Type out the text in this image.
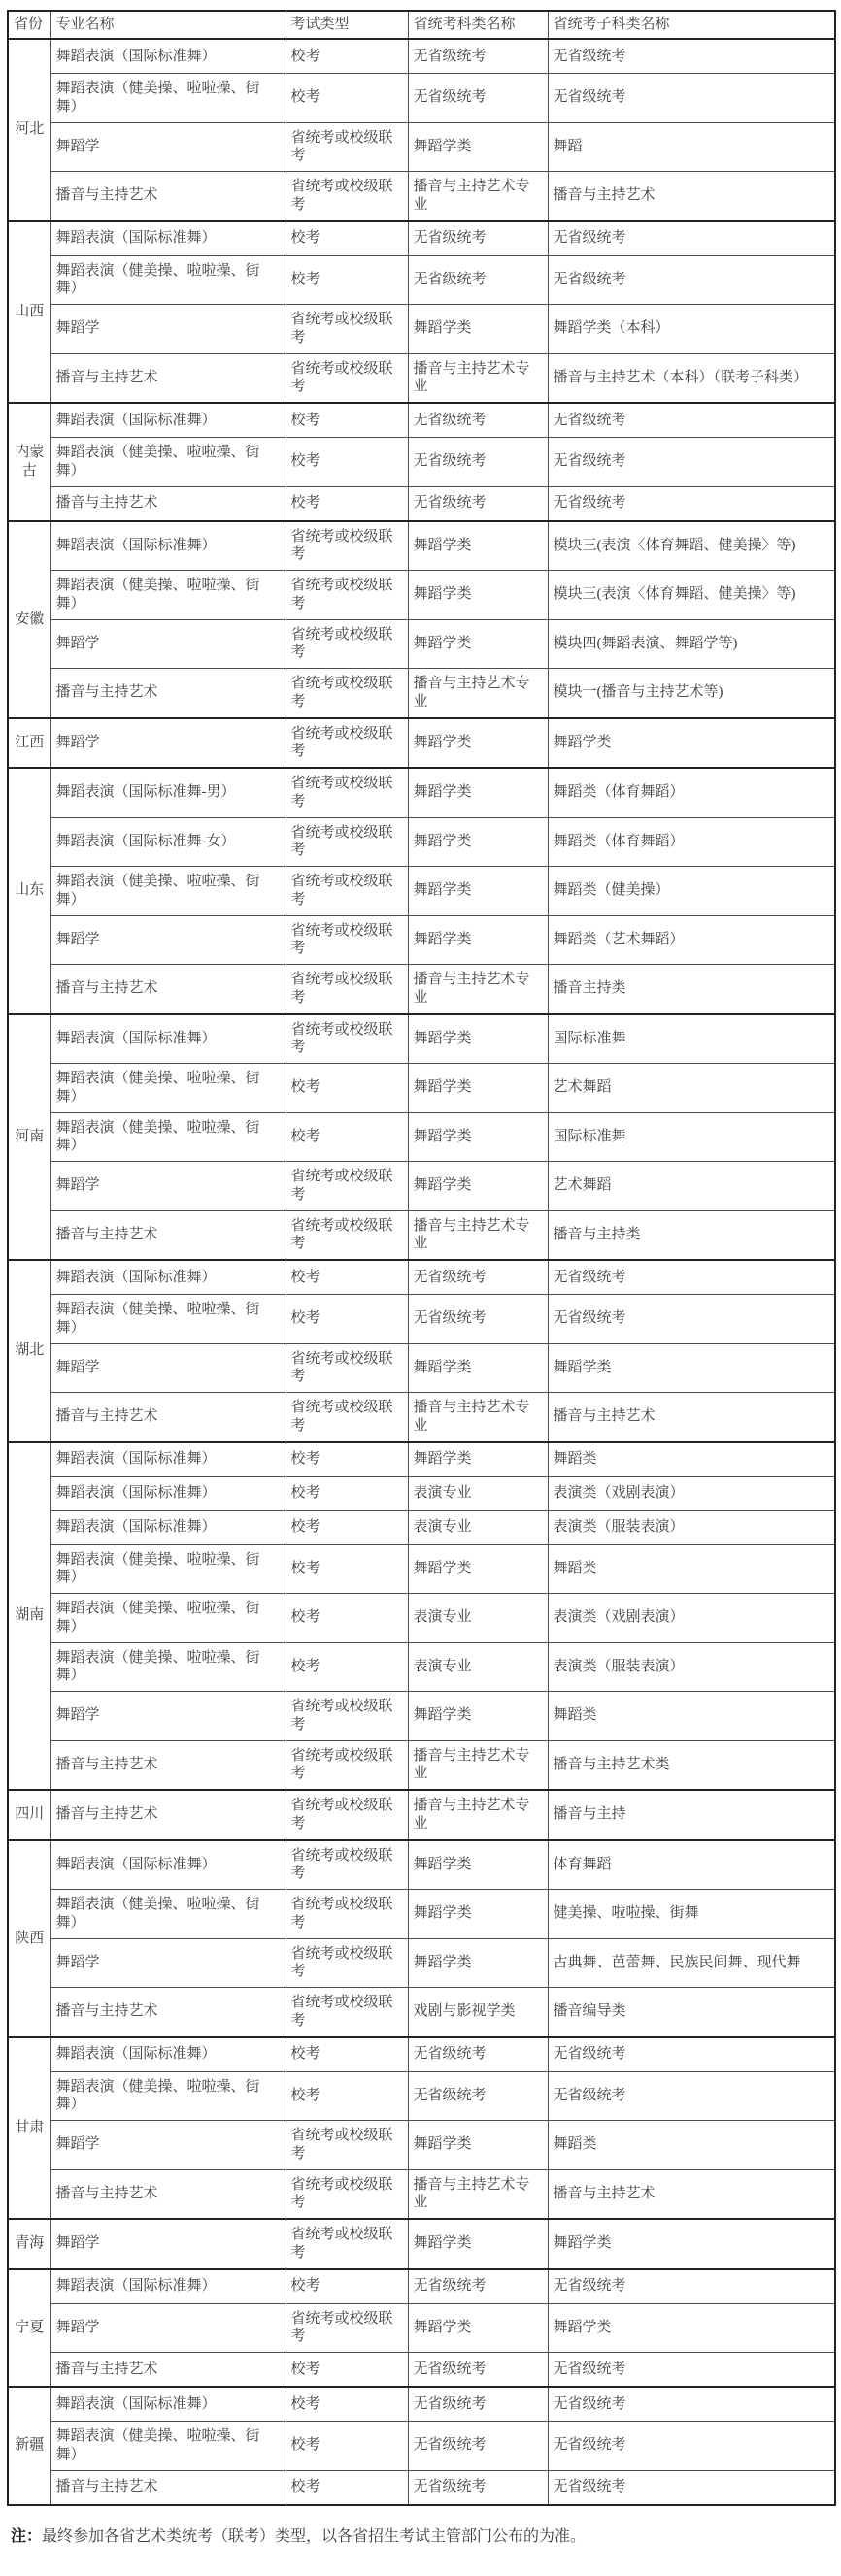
省份	专业名称	考试类型	省统考科类名称	省统考子科类名称
河北	舞蹈表演（国际标准舞）	校考	无省级统考	无省级统考
	舞蹈表演（健美操、啦啦操、街舞）	校考	无省级统考	无省级统考
	舞蹈学	省统考或校级联考	舞蹈学类	舞蹈
	播音与主持艺术	省统考或校级联考	播音与主持艺术专业	播音与主持艺术
山西	舞蹈表演（国际标准舞）	校考	无省级统考	无省级统考
	舞蹈表演（健美操、啦啦操、街舞）	校考	无省级统考	无省级统考
	舞蹈学	省统考或校级联考	舞蹈学类	舞蹈学类（本科）
	播音与主持艺术	省统考或校级联考	播音与主持艺术专业	播音与主持艺术（本科）（联考子科类）
内蒙古	舞蹈表演（国际标准舞）	校考	无省级统考	无省级统考
	舞蹈表演（健美操、啦啦操、街舞）	校考	无省级统考	无省级统考
	播音与主持艺术	校考	无省级统考	无省级统考
安徽	舞蹈表演（国际标准舞）	省统考或校级联考	舞蹈学类	模块三(表演〈体育舞蹈、健美操〉等)
	舞蹈表演（健美操、啦啦操、街舞）	省统考或校级联考	舞蹈学类	模块三(表演〈体育舞蹈、健美操〉等)
	舞蹈学	省统考或校级联考	舞蹈学类	模块四(舞蹈表演、舞蹈学等)
	播音与主持艺术	省统考或校级联考	播音与主持艺术专业	模块一(播音与主持艺术等)
江西	舞蹈学	省统考或校级联考	舞蹈学类	舞蹈学类
山东	舞蹈表演（国际标准舞-男）	省统考或校级联考	舞蹈学类	舞蹈类（体育舞蹈）
	舞蹈表演（国际标准舞-女）	省统考或校级联考	舞蹈学类	舞蹈类（体育舞蹈）
	舞蹈表演（健美操、啦啦操、街舞）	省统考或校级联考	舞蹈学类	舞蹈类（健美操）
	舞蹈学	省统考或校级联考	舞蹈学类	舞蹈类（艺术舞蹈）
	播音与主持艺术	省统考或校级联考	播音与主持艺术专业	播音主持类
河南	舞蹈表演（国际标准舞）	省统考或校级联考	舞蹈学类	国际标准舞
	舞蹈表演（健美操、啦啦操、街舞）	校考	舞蹈学类	艺术舞蹈
	舞蹈表演（健美操、啦啦操、街舞）	校考	舞蹈学类	国际标准舞
	舞蹈学	省统考或校级联考	舞蹈学类	艺术舞蹈
	播音与主持艺术	省统考或校级联考	播音与主持艺术专业	播音与主持类
湖北	舞蹈表演（国际标准舞）	校考	无省级统考	无省级统考
	舞蹈表演（健美操、啦啦操、街舞）	校考	无省级统考	无省级统考
	舞蹈学	省统考或校级联考	舞蹈学类	舞蹈学类
	播音与主持艺术	省统考或校级联考	播音与主持艺术专业	播音与主持艺术
湖南	舞蹈表演（国际标准舞）	校考	舞蹈学类	舞蹈类
	舞蹈表演（国际标准舞）	校考	表演专业	表演类（戏剧表演）
	舞蹈表演（国际标准舞）	校考	表演专业	表演类（服装表演）
	舞蹈表演（健美操、啦啦操、街舞）	校考	舞蹈学类	舞蹈类
	舞蹈表演（健美操、啦啦操、街舞）	校考	表演专业	表演类（戏剧表演）
	舞蹈表演（健美操、啦啦操、街舞）	校考	表演专业	表演类（服装表演）
	舞蹈学	省统考或校级联考	舞蹈学类	舞蹈类
	播音与主持艺术	省统考或校级联考	播音与主持艺术专业	播音与主持艺术类
四川	播音与主持艺术	省统考或校级联考	播音与主持艺术专业	播音与主持
陕西	舞蹈表演（国际标准舞）	省统考或校级联考	舞蹈学类	体育舞蹈
	舞蹈表演（健美操、啦啦操、街舞）	省统考或校级联考	舞蹈学类	健美操、啦啦操、街舞
	舞蹈学	省统考或校级联考	舞蹈学类	古典舞、芭蕾舞、民族民间舞、现代舞
	播音与主持艺术	省统考或校级联考	戏剧与影视学类	播音编导类
甘肃	舞蹈表演（国际标准舞）	校考	无省级统考	无省级统考
	舞蹈表演（健美操、啦啦操、街舞）	校考	无省级统考	无省级统考
	舞蹈学	省统考或校级联考	舞蹈学类	舞蹈类
	播音与主持艺术	省统考或校级联考	播音与主持艺术专业	播音与主持艺术
青海	舞蹈学	省统考或校级联考	舞蹈学类	舞蹈学类
宁夏	舞蹈表演（国际标准舞）	校考	无省级统考	无省级统考
	舞蹈学	省统考或校级联考	舞蹈学类	舞蹈学类
	播音与主持艺术	校考	无省级统考	无省级统考
新疆	舞蹈表演（国际标准舞）	校考	无省级统考	无省级统考
	舞蹈表演（健美操、啦啦操、街舞）	校考	无省级统考	无省级统考
	播音与主持艺术	校考	无省级统考	无省级统考

注：最终参加各省艺术类统考（联考）类型，以各省招生考试主管部门公布的为准。
